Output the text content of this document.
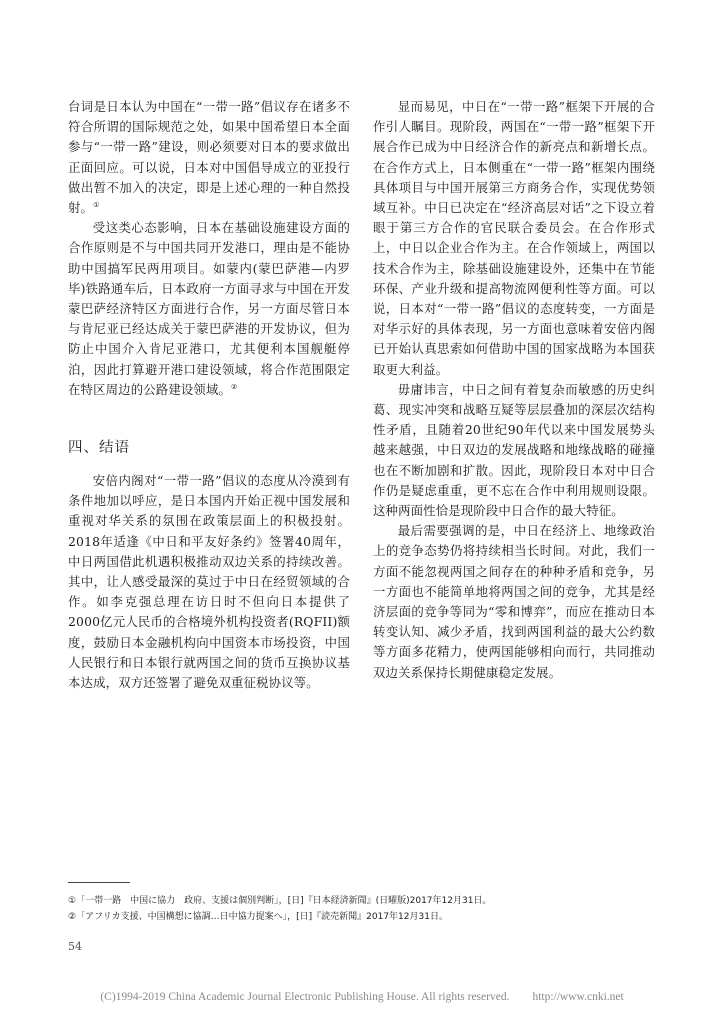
台词是日本认为中国在“一带一路”倡议存在诸多不符合所谓的国际规范之处，如果中国希望日本全面参与“一带一路”建设，则必须要对日本的要求做出正面回应。可以说，日本对中国倡导成立的亚投行做出暂不加入的决定，即是上述心理的一种自然投射。①

受这类心态影响，日本在基础设施建设方面的合作原则是不与中国共同开发港口，理由是不能协助中国搞军民两用项目。如蒙内(蒙巴萨港—内罗毕)铁路通车后，日本政府一方面寻求与中国在开发蒙巴萨经济特区方面进行合作，另一方面尽管日本与肯尼亚已经达成关于蒙巴萨港的开发协议，但为防止中国介入肯尼亚港口，尤其便利本国舰艇停泊，因此打算避开港口建设领域，将合作范围限定在特区周边的公路建设领域。②

四、结语

安倍内阁对“一带一路”倡议的态度从冷漠到有条件地加以呼应，是日本国内开始正视中国发展和重视对华关系的氛围在政策层面上的积极投射。2018年适逢《中日和平友好条约》签署40周年，中日两国借此机遇积极推动双边关系的持续改善。其中，让人感受最深的莫过于中日在经贸领域的合作。如李克强总理在访日时不但向日本提供了2000亿元人民币的合格境外机构投资者(RQFII)额度，鼓励日本金融机构向中国资本市场投资，中国人民银行和日本银行就两国之间的货币互换协议基本达成，双方还签署了避免双重征税协议等。

显而易见，中日在“一带一路”框架下开展的合作引人瞩目。现阶段，两国在“一带一路”框架下开展合作已成为中日经济合作的新亮点和新增长点。在合作方式上，日本侧重在“一带一路”框架内围绕具体项目与中国开展第三方商务合作，实现优势领域互补。中日已决定在“经济高层对话”之下设立着眼于第三方合作的官民联合委员会。在合作形式上，中日以企业合作为主。在合作领域上，两国以技术合作为主，除基础设施建设外，还集中在节能环保、产业升级和提高物流网便利性等方面。可以说，日本对“一带一路”倡议的态度转变，一方面是对华示好的具体表现，另一方面也意味着安倍内阁已开始认真思索如何借助中国的国家战略为本国获取更大利益。

毋庸讳言，中日之间有着复杂而敏感的历史纠葛、现实冲突和战略互疑等层层叠加的深层次结构性矛盾，且随着20世纪90年代以来中国发展势头越来越强，中日双边的发展战略和地缘战略的碰撞也在不断加剧和扩散。因此，现阶段日本对中日合作仍是疑虑重重，更不忘在合作中利用规则设限。这种两面性恰是现阶段中日合作的最大特征。

最后需要强调的是，中日在经济上、地缘政治上的竞争态势仍将持续相当长时间。对此，我们一方面不能忽视两国之间存在的种种矛盾和竞争，另一方面也不能简单地将两国之间的竞争，尤其是经济层面的竞争等同为“零和博弈”，而应在推动日本转变认知、减少矛盾，找到两国利益的最大公约数等方面多花精力，使两国能够相向而行，共同推动双边关系保持长期健康稳定发展。

①「一帯一路　中国に協力　政府、支援は個別判断」，[日]『日本経済新聞』(日曜版)2017年12月31日。
②「アフリカ支援、中国構想に協調…日中協力提案へ」，[日]『読売新聞』2017年12月31日。
54
(C)1994-2019 China Academic Journal Electronic Publishing House. All rights reserved.　　http://www.cnki.net
